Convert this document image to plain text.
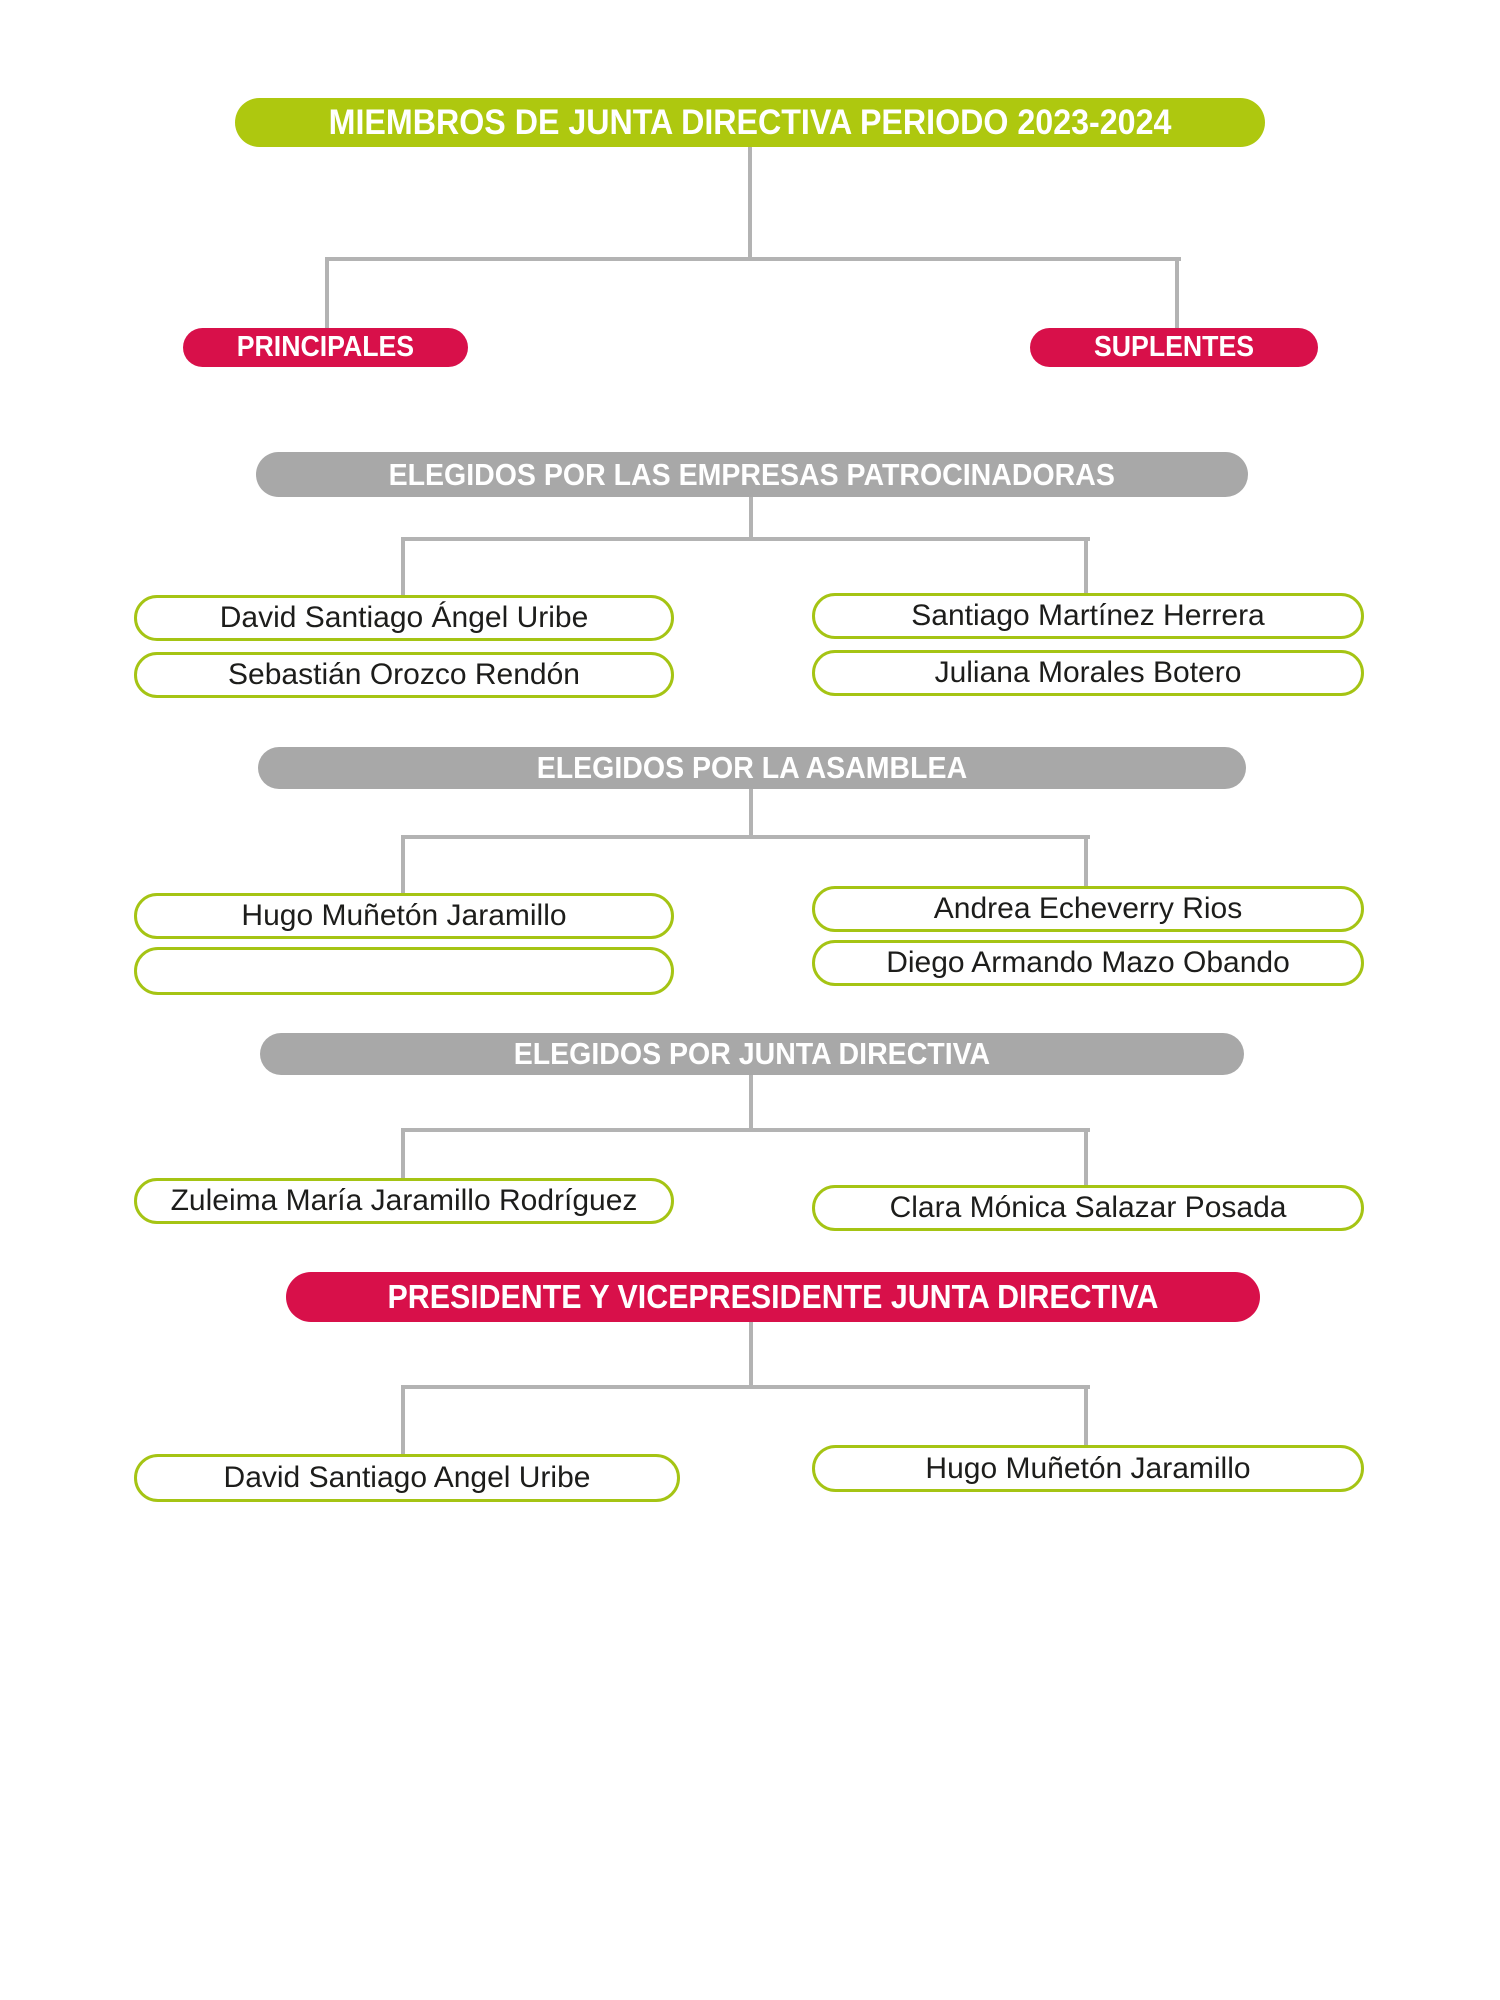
MIEMBROS DE JUNTA DIRECTIVA PERIODO 2023-2024
PRINCIPALES	SUPLENTES
ELEGIDOS POR LAS EMPRESAS PATROCINADORAS
David Santiago Ángel Uribe
Sebastián Orozco Rendón
Santiago Martínez Herrera
Juliana Morales Botero
ELEGIDOS POR LA ASAMBLEA
Hugo Muñetón Jaramillo	Andrea Echeverry Rios
Diego Armando Mazo Obando
ELEGIDOS POR JUNTA DIRECTIVA
Zuleima María Jaramillo Rodríguez	Clara Mónica Salazar Posada
PRESIDENTE Y VICEPRESIDENTE JUNTA DIRECTIVA
David Santiago Angel Uribe	Hugo Muñetón Jaramillo
